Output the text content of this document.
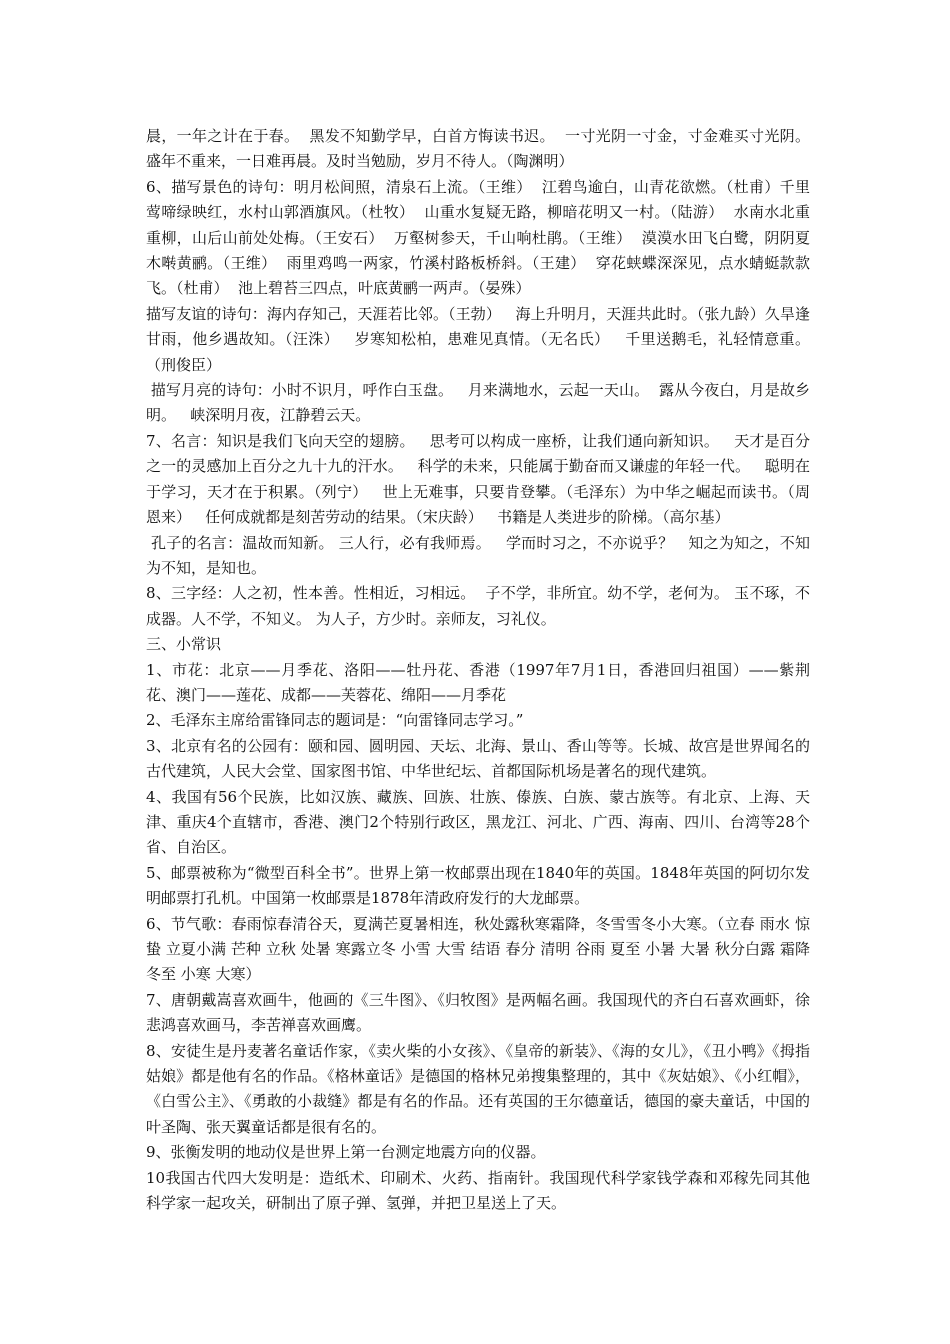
晨，一年之计在于春。  黑发不知勤学早，白首方悔读书迟。  一寸光阴一寸金，寸金难买寸光阴。  盛年不重来，一日难再晨。及时当勉励，岁月不待人。（陶渊明）

6、描写景色的诗句：明月松间照，清泉石上流。（王维）  江碧鸟逾白，山青花欲燃。（杜甫）千里莺啼绿映红，水村山郭酒旗风。（杜牧）  山重水复疑无路，柳暗花明又一村。（陆游）  水南水北重重柳，山后山前处处梅。（王安石）  万壑树参天，千山响杜鹃。（王维）  漠漠水田飞白鹭，阴阴夏木啭黄鹂。（王维）  雨里鸡鸣一两家，竹溪村路板桥斜。（王建）  穿花蛱蝶深深见，点水蜻蜓款款飞。（杜甫）  池上碧苔三四点，叶底黄鹂一两声。（晏殊）

描写友谊的诗句：海内存知己，天涯若比邻。（王勃）   海上升明月，天涯共此时。（张九龄）久旱逢甘雨，他乡遇故知。（汪洙）   岁寒知松柏，患难见真情。（无名氏）   千里送鹅毛，礼轻情意重。（刑俊臣）

描写月亮的诗句：小时不识月，呼作白玉盘。   月来满地水，云起一天山。  露从今夜白，月是故乡明。   峡深明月夜，江静碧云天。

7、名言：知识是我们飞向天空的翅膀。   思考可以构成一座桥，让我们通向新知识。   天才是百分之一的灵感加上百分之九十九的汗水。   科学的未来，只能属于勤奋而又谦虚的年轻一代。   聪明在于学习，天才在于积累。（列宁）   世上无难事，只要肯登攀。（毛泽东）为中华之崛起而读书。（周恩来）   任何成就都是刻苦劳动的结果。（宋庆龄）   书籍是人类进步的阶梯。（高尔基）

孔子的名言：温故而知新。 三人行，必有我师焉。   学而时习之，不亦说乎？   知之为知之，不知为不知，是知也。

8、三字经：人之初，性本善。性相近，习相远。  子不学，非所宜。幼不学，老何为。 玉不琢，不成器。人不学，不知义。 为人子，方少时。亲师友，习礼仪。

三、小常识

1、市花：北京——月季花、洛阳——牡丹花、香港（1997年7月1日，香港回归祖国）——紫荆花、澳门——莲花、成都——芙蓉花、绵阳——月季花

2、毛泽东主席给雷锋同志的题词是：“向雷锋同志学习。”

3、北京有名的公园有：颐和园、圆明园、天坛、北海、景山、香山等等。长城、故宫是世界闻名的古代建筑，人民大会堂、国家图书馆、中华世纪坛、首都国际机场是著名的现代建筑。

4、我国有56个民族，比如汉族、藏族、回族、壮族、傣族、白族、蒙古族等。有北京、上海、天津、重庆4个直辖市，香港、澳门2个特别行政区，黑龙江、河北、广西、海南、四川、台湾等28个省、自治区。

5、邮票被称为“微型百科全书”。世界上第一枚邮票出现在1840年的英国。1848年英国的阿切尔发明邮票打孔机。中国第一枚邮票是1878年清政府发行的大龙邮票。

6、节气歌：春雨惊春清谷天，夏满芒夏暑相连，秋处露秋寒霜降，冬雪雪冬小大寒。（立春 雨水 惊蛰 立夏小满 芒种 立秋 处暑 寒露立冬 小雪 大雪 结语 春分 清明 谷雨 夏至 小暑 大暑 秋分白露 霜降 冬至 小寒 大寒）

7、唐朝戴嵩喜欢画牛，他画的《三牛图》、《归牧图》是两幅名画。我国现代的齐白石喜欢画虾，徐悲鸿喜欢画马，李苦禅喜欢画鹰。

8、安徒生是丹麦著名童话作家，《卖火柴的小女孩》、《皇帝的新装》、《海的女儿》，《丑小鸭》《拇指姑娘》都是他有名的作品。《格林童话》是德国的格林兄弟搜集整理的，其中《灰姑娘》、《小红帽》，《白雪公主》、《勇敢的小裁缝》都是有名的作品。还有英国的王尔德童话，德国的豪夫童话，中国的叶圣陶、张天翼童话都是很有名的。

9、张衡发明的地动仪是世界上第一台测定地震方向的仪器。

10我国古代四大发明是：造纸术、印刷术、火药、指南针。我国现代科学家钱学森和邓稼先同其他科学家一起攻关，研制出了原子弹、氢弹，并把卫星送上了天。
